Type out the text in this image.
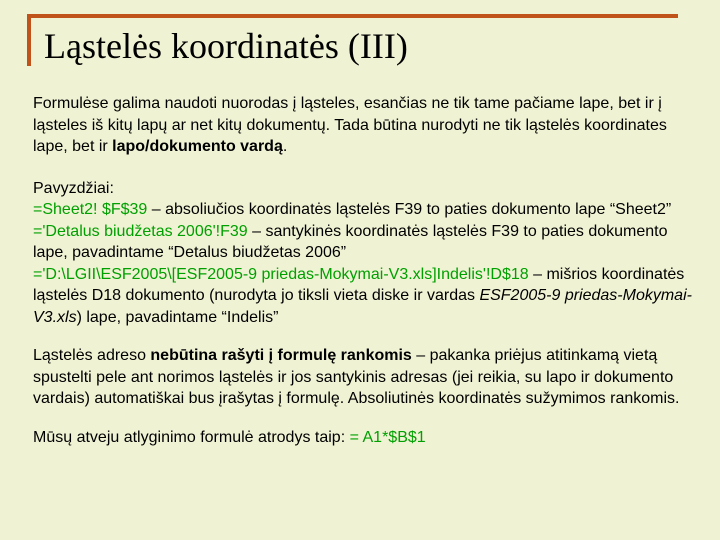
Ląstelės koordinatės (III)

Formulėse galima naudoti nuorodas į ląsteles, esančias ne tik tame pačiame lape, bet ir į ląsteles iš kitų lapų ar net kitų dokumentų. Tada būtina nurodyti ne tik ląstelės koordinates lape, bet ir lapo/dokumento vardą.

Pavyzdžiai:
=Sheet2! $F$39 – absoliučios koordinatės ląstelės F39 to paties dokumento lape “Sheet2”
='Detalus biudžetas 2006'!F39 – santykinės koordinatės ląstelės F39 to paties dokumento lape, pavadintame “Detalus biudžetas 2006”
='D:\LGII\ESF2005\[ESF2005-9 priedas-Mokymai-V3.xls]Indelis'!D$18 – mišrios koordinatės ląstelės D18 dokumento (nurodyta jo tiksli vieta diske ir vardas ESF2005-9 priedas-Mokymai-V3.xls) lape, pavadintame “Indelis”

Ląstelės adreso nebūtina rašyti į formulę rankomis – pakanka priėjus atitinkamą vietą spustelti pele ant norimos ląstelės ir jos santykinis adresas (jei reikia, su lapo ir dokumento vardais) automatiškai bus įrašytas į formulę. Absoliutinės koordinatės sužymimos rankomis.

Mūsų atveju atlyginimo formulė atrodys taip: = A1*$B$1
